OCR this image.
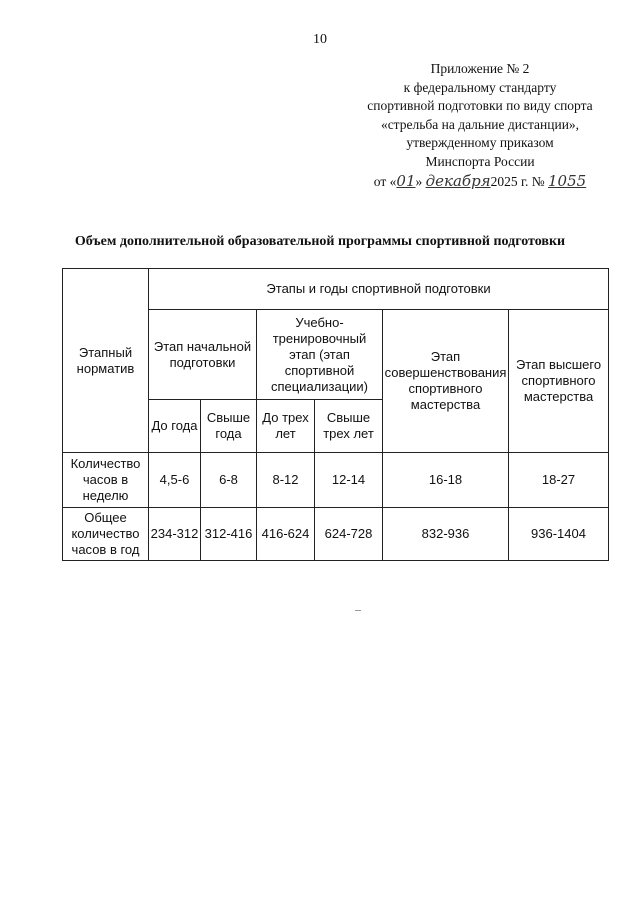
10
Приложение № 2
к федеральному стандарту
спортивной подготовки по виду спорта
«стрельба на дальние дистанции»,
утвержденному приказом
Минспорта России
от «01» декабря2025 г. № 1055
Объем дополнительной образовательной программы спортивной подготовки
Этапный норматив	Этапы и годы спортивной подготовки					
	Этап начальной подготовки		Учебно-тренировочный этап (этап спортивной специализации)		Этап совершенствования спортивного мастерства	Этап высшего спортивного мастерства
	До года	Свыше года	До трех лет	Свыше трех лет		
Количество часов в неделю	4,5-6	6-8	8-12	12-14	16-18	18-27
Общее количество часов в год	234-312	312-416	416-624	624-728	832-936	936-1404
